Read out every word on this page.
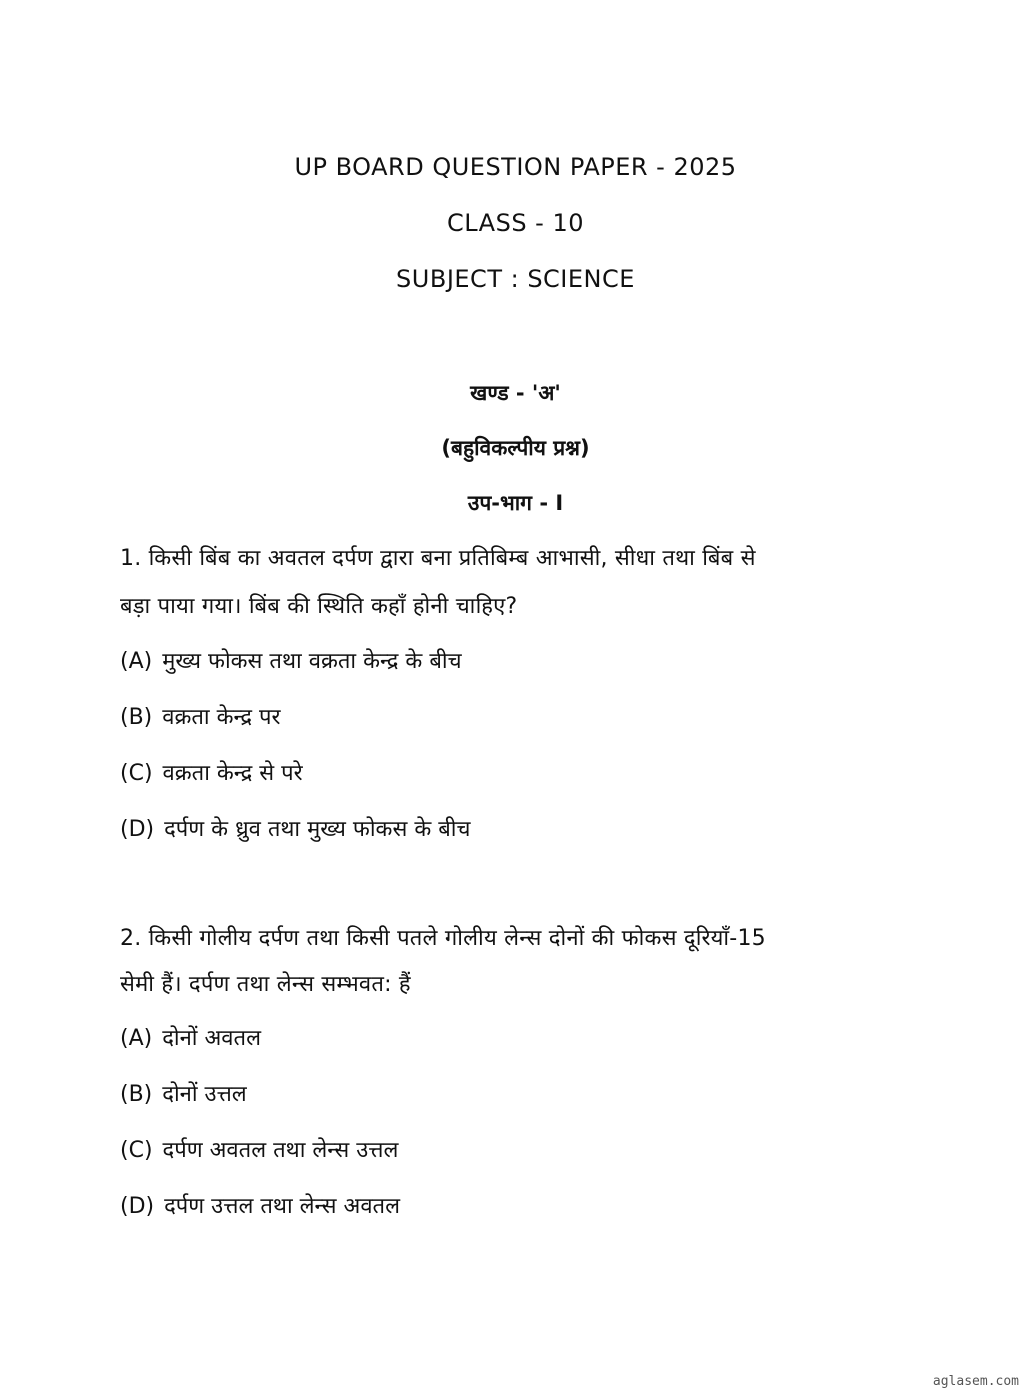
UP BOARD QUESTION PAPER - 2025
CLASS - 10
SUBJECT : SCIENCE
खण्ड - 'अ'
(बहुविकल्पीय प्रश्न)
उप-भाग - I
1. किसी बिंब का अवतल दर्पण द्वारा बना प्रतिबिम्ब आभासी, सीधा तथा बिंब से
बड़ा पाया गया। बिंब की स्थिति कहाँ होनी चाहिए?
(A) मुख्य फोकस तथा वक्रता केन्द्र के बीच
(B) वक्रता केन्द्र पर
(C) वक्रता केन्द्र से परे
(D) दर्पण के ध्रुव तथा मुख्य फोकस के बीच
2. किसी गोलीय दर्पण तथा किसी पतले गोलीय लेन्स दोनों की फोकस दूरियाँ-15
सेमी हैं। दर्पण तथा लेन्स सम्भवत: हैं
(A) दोनों अवतल
(B) दोनों उत्तल
(C) दर्पण अवतल तथा लेन्स उत्तल
(D) दर्पण उत्तल तथा लेन्स अवतल
aglasem.com
